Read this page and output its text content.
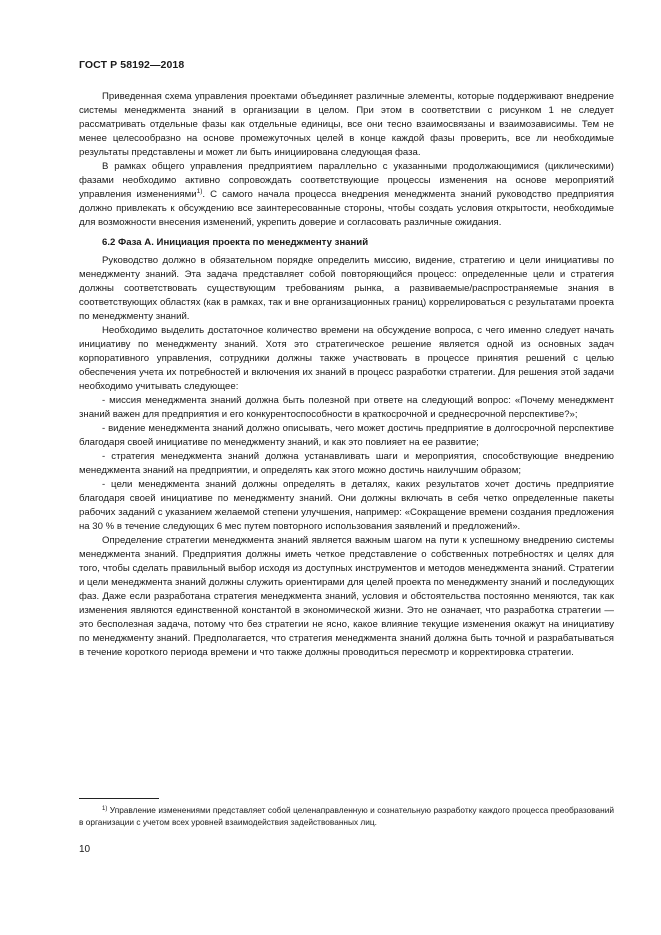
ГОСТ Р 58192—2018

Приведенная схема управления проектами объединяет различные элементы, которые поддерживают внедрение системы менеджмента знаний в организации в целом. При этом в соответствии с рисунком 1 не следует рассматривать отдельные фазы как отдельные единицы, все они тесно взаимосвязаны и взаимозависимы. Тем не менее целесообразно на основе промежуточных целей в конце каждой фазы проверить, все ли необходимые результаты представлены и может ли быть инициирована следующая фаза.

В рамках общего управления предприятием параллельно с указанными продолжающимися (циклическими) фазами необходимо активно сопровождать соответствующие процессы изменения на основе мероприятий управления изменениями$^{1)}$. С самого начала процесса внедрения менеджмента знаний руководство предприятия должно привлекать к обсуждению все заинтересованные стороны, чтобы создать условия открытости, необходимые для возможности внесения изменений, укрепить доверие и согласовать различные ожидания.

6.2 Фаза А. Инициация проекта по менеджменту знаний

Руководство должно в обязательном порядке определить миссию, видение, стратегию и цели инициативы по менеджменту знаний. Эта задача представляет собой повторяющийся процесс: определенные цели и стратегия должны соответствовать существующим требованиям рынка, а развиваемые/распространяемые знания в соответствующих областях (как в рамках, так и вне организационных границ) коррелироваться с результатами проекта по менеджменту знаний.

Необходимо выделить достаточное количество времени на обсуждение вопроса, с чего именно следует начать инициативу по менеджменту знаний. Хотя это стратегическое решение является одной из основных задач корпоративного управления, сотрудники должны также участвовать в процессе принятия решений с целью обеспечения учета их потребностей и включения их знаний в процесс разработки стратегии. Для решения этой задачи необходимо учитывать следующее:

- миссия менеджмента знаний должна быть полезной при ответе на следующий вопрос: «Почему менеджмент знаний важен для предприятия и его конкурентоспособности в краткосрочной и среднесрочной перспективе?»;

- видение менеджмента знаний должно описывать, чего может достичь предприятие в долгосрочной перспективе благодаря своей инициативе по менеджменту знаний, и как это повлияет на ее развитие;

- стратегия менеджмента знаний должна устанавливать шаги и мероприятия, способствующие внедрению менеджмента знаний на предприятии, и определять как этого можно достичь наилучшим образом;

- цели менеджмента знаний должны определять в деталях, каких результатов хочет достичь предприятие благодаря своей инициативе по менеджменту знаний. Они должны включать в себя четко определенные пакеты рабочих заданий с указанием желаемой степени улучшения, например: «Сокращение времени создания предложения на 30 % в течение следующих 6 мес путем повторного использования заявлений и предложений».

Определение стратегии менеджмента знаний является важным шагом на пути к успешному внедрению системы менеджмента знаний. Предприятия должны иметь четкое представление о собственных потребностях и целях для того, чтобы сделать правильный выбор исходя из доступных инструментов и методов менеджмента знаний. Стратегии и цели менеджмента знаний должны служить ориентирами для целей проекта по менеджменту знаний и последующих фаз. Даже если разработана стратегия менеджмента знаний, условия и обстоятельства постоянно меняются, так как изменения являются единственной константой в экономической жизни. Это не означает, что разработка стратегии — это бесполезная задача, потому что без стратегии не ясно, какое влияние текущие изменения окажут на инициативу по менеджменту знаний. Предполагается, что стратегия менеджмента знаний должна быть точной и разрабатываться в течение короткого периода времени и что также должны проводиться пересмотр и корректировка стратегии.

$^{1)}$ Управление изменениями представляет собой целенаправленную и сознательную разработку каждого процесса преобразований в организации с учетом всех уровней взаимодействия задействованных лиц.

10
